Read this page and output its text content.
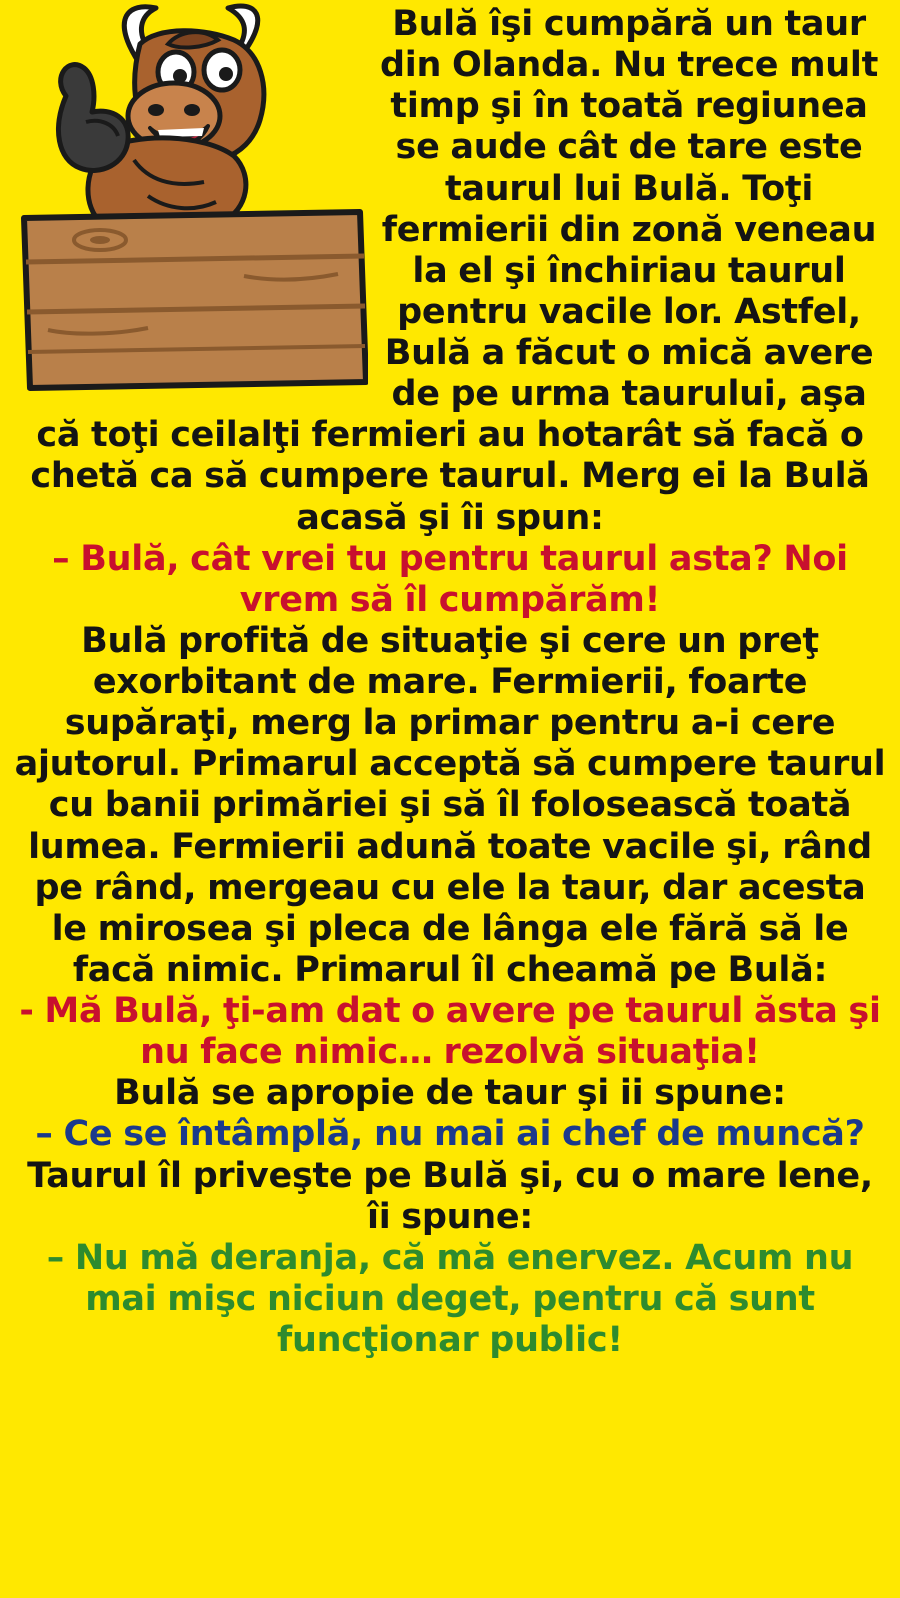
Bulă îşi cumpără un taur din Olanda. Nu trece mult timp şi în toată regiunea se aude cât de tare este taurul lui Bulă. Toţi fermierii din zonă veneau la el şi închiriau taurul pentru vacile lor. Astfel, Bulă a făcut o mică avere de pe urma taurului, aşa că toţi ceilalţi fermieri au hotarât să facă o chetă ca să cumpere taurul. Merg ei la Bulă acasă şi îi spun:

– Bulă, cât vrei tu pentru taurul asta? Noi vrem să îl cumpărăm!

Bulă profită de situaţie şi cere un preţ exorbitant de mare. Fermierii, foarte supăraţi, merg la primar pentru a-i cere ajutorul. Primarul acceptă să cumpere taurul cu banii primăriei şi să îl folosească toată lumea. Fermierii adună toate vacile şi, rând pe rând, mergeau cu ele la taur, dar acesta le mirosea şi pleca de lânga ele fără să le facă nimic. Primarul îl cheamă pe Bulă:

- Mă Bulă, ţi-am dat o avere pe taurul ăsta şi nu face nimic… rezolvă situaţia!

Bulă se apropie de taur şi ii spune:

– Ce se întâmplă, nu mai ai chef de muncă?

Taurul îl priveşte pe Bulă şi, cu o mare lene, îi spune:

– Nu mă deranja, că mă enervez. Acum nu mai mişc niciun deget, pentru că sunt funcţionar public!
